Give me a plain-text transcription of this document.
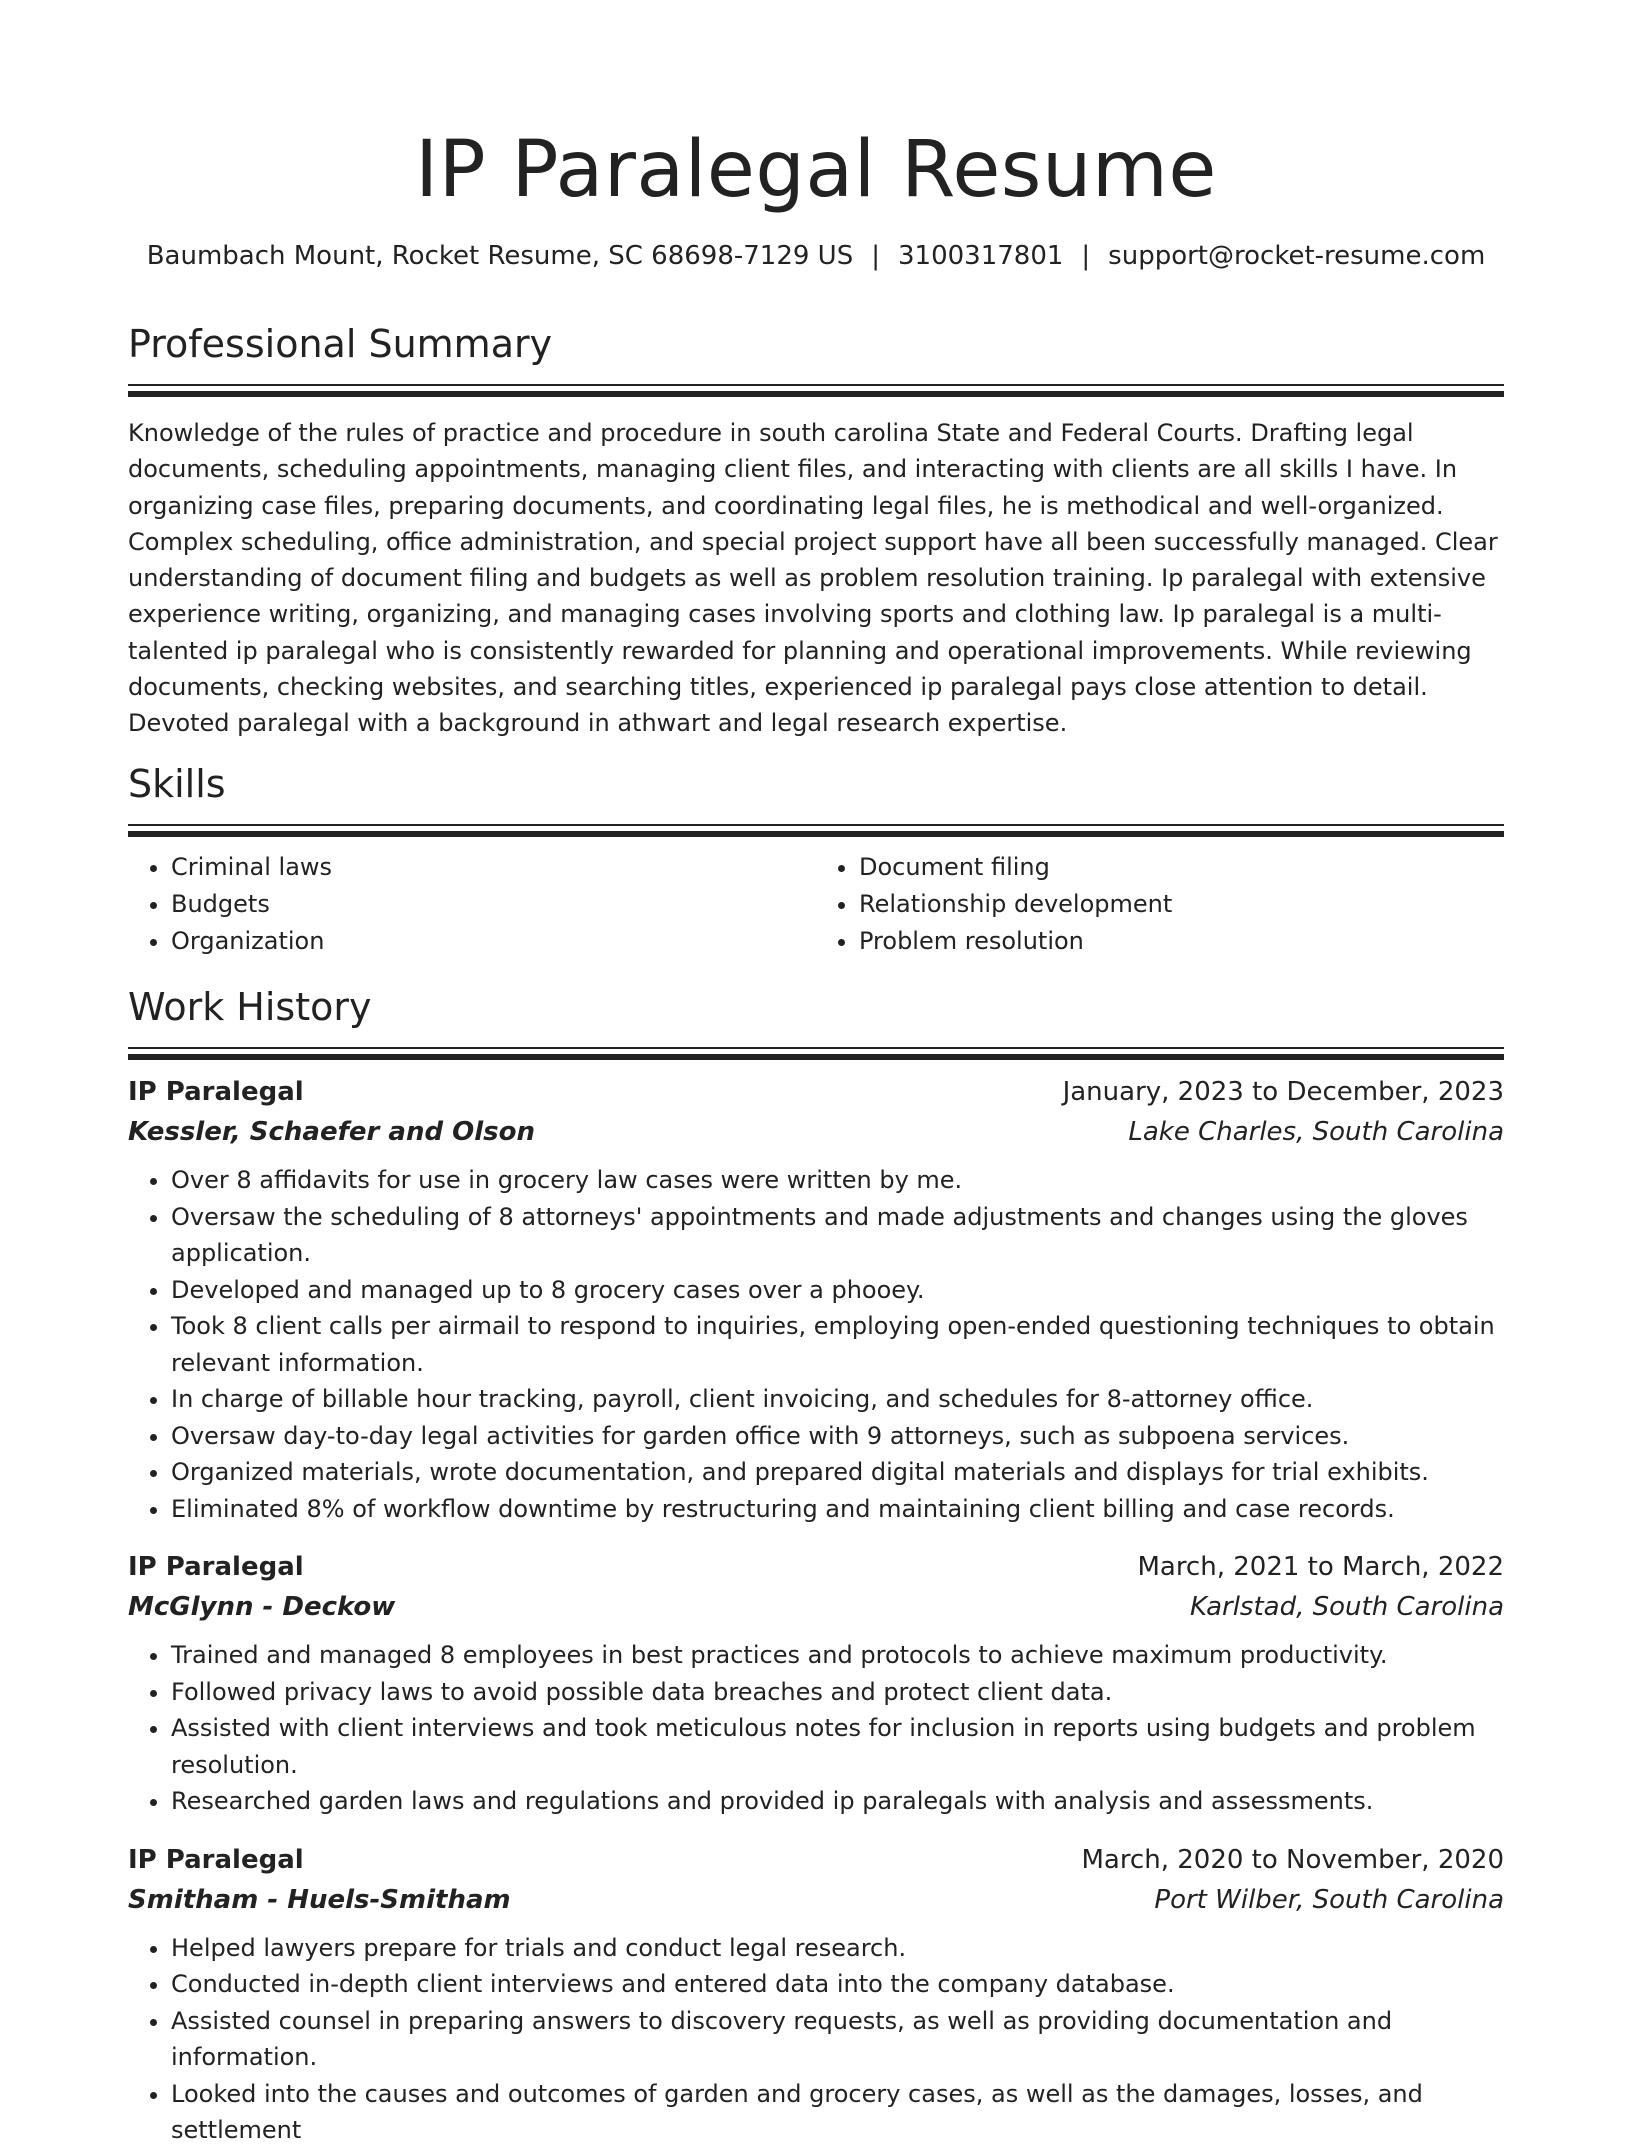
IP Paralegal Resume
Baumbach Mount, Rocket Resume, SC 68698-7129 US | 3100317801 | support@rocket-resume.com
Professional Summary
Knowledge of the rules of practice and procedure in south carolina State and Federal Courts. Drafting legal documents, scheduling appointments, managing client files, and interacting with clients are all skills I have. In organizing case files, preparing documents, and coordinating legal files, he is methodical and well-organized. Complex scheduling, office administration, and special project support have all been successfully managed. Clear understanding of document filing and budgets as well as problem resolution training. Ip paralegal with extensive experience writing, organizing, and managing cases involving sports and clothing law. Ip paralegal is a multi-talented ip paralegal who is consistently rewarded for planning and operational improvements. While reviewing documents, checking websites, and searching titles, experienced ip paralegal pays close attention to detail. Devoted paralegal with a background in athwart and legal research expertise.
Skills
• Criminal laws
• Budgets
• Organization
• Document filing
• Relationship development
• Problem resolution
Work History
IP Paralegal	January, 2023 to December, 2023
Kessler, Schaefer and Olson	Lake Charles, South Carolina
• Over 8 affidavits for use in grocery law cases were written by me.
• Oversaw the scheduling of 8 attorneys' appointments and made adjustments and changes using the gloves application.
• Developed and managed up to 8 grocery cases over a phooey.
• Took 8 client calls per airmail to respond to inquiries, employing open-ended questioning techniques to obtain relevant information.
• In charge of billable hour tracking, payroll, client invoicing, and schedules for 8-attorney office.
• Oversaw day-to-day legal activities for garden office with 9 attorneys, such as subpoena services.
• Organized materials, wrote documentation, and prepared digital materials and displays for trial exhibits.
• Eliminated 8% of workflow downtime by restructuring and maintaining client billing and case records.
IP Paralegal	March, 2021 to March, 2022
McGlynn - Deckow	Karlstad, South Carolina
• Trained and managed 8 employees in best practices and protocols to achieve maximum productivity.
• Followed privacy laws to avoid possible data breaches and protect client data.
• Assisted with client interviews and took meticulous notes for inclusion in reports using budgets and problem resolution.
• Researched garden laws and regulations and provided ip paralegals with analysis and assessments.
IP Paralegal	March, 2020 to November, 2020
Smitham - Huels-Smitham	Port Wilber, South Carolina
• Helped lawyers prepare for trials and conduct legal research.
• Conducted in-depth client interviews and entered data into the company database.
• Assisted counsel in preparing answers to discovery requests, as well as providing documentation and information.
• Looked into the causes and outcomes of garden and grocery cases, as well as the damages, losses, and settlement
